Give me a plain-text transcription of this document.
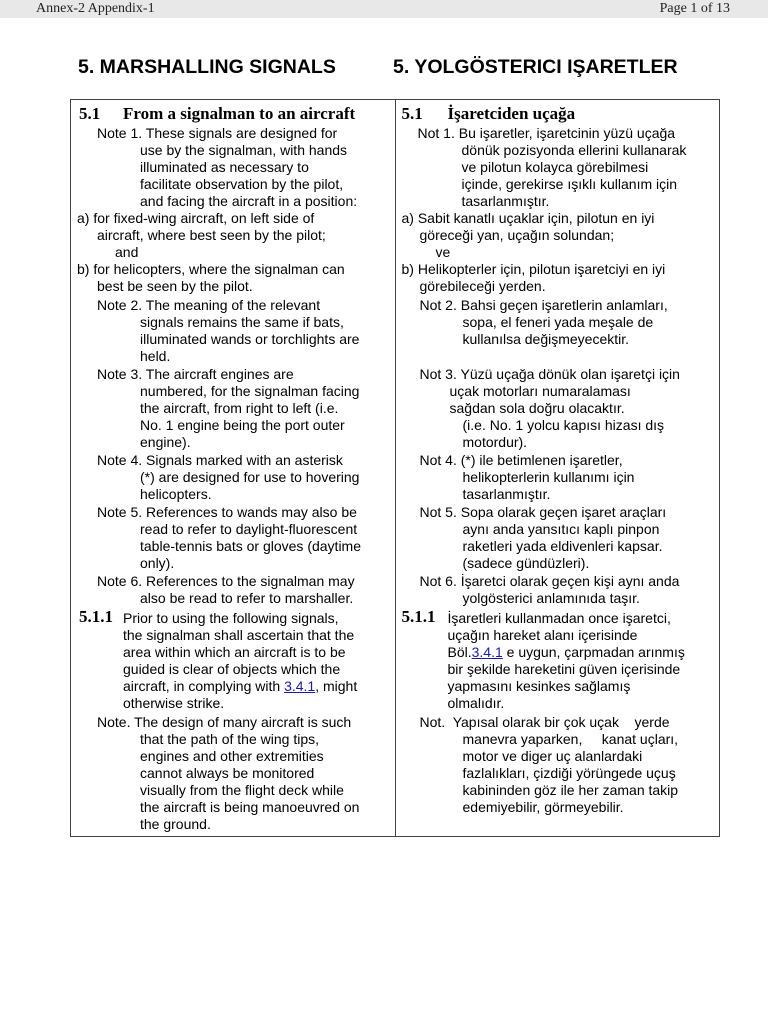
Annex-2 Appendix-1	Page 1 of 13
5. MARSHALLING SIGNALS	5. YOLGÖSTERICI IŞARETLER
5.1 From a signalman to an aircraft
Note 1. These signals are designed for
use by the signalman, with hands
illuminated as necessary to
facilitate observation by the pilot,
and facing the aircraft in a position:
a) for fixed-wing aircraft, on left side of
aircraft, where best seen by the pilot;
and
b) for helicopters, where the signalman can
best be seen by the pilot.
Note 2. The meaning of the relevant
signals remains the same if bats,
illuminated wands or torchlights are
held.
Note 3. The aircraft engines are
numbered, for the signalman facing
the aircraft, from right to left (i.e.
No. 1 engine being the port outer
engine).
Note 4. Signals marked with an asterisk
(*) are designed for use to hovering
helicopters.
Note 5. References to wands may also be
read to refer to daylight-fluorescent
table-tennis bats or gloves (daytime
only).
Note 6. References to the signalman may
also be read to refer to marshaller.
5.1.1 Prior to using the following signals,
the signalman shall ascertain that the
area within which an aircraft is to be
guided is clear of objects which the
aircraft, in complying with 3.4.1, might
otherwise strike.
Note. The design of many aircraft is such
that the path of the wing tips,
engines and other extremities
cannot always be monitored
visually from the flight deck while
the aircraft is being manoeuvred on
the ground.

5.1 İşaretciden uçağa
Not 1. Bu işaretler, işaretcinin yüzü uçağa
dönük pozisyonda ellerini kullanarak
ve pilotun kolayca görebilmesi
içinde, gerekirse ışıklı kullanım için
tasarlanmıştır.
a) Sabit kanatlı uçaklar için, pilotun en iyi
göreceği yan, uçağın solundan;
ve
b) Helikopterler için, pilotun işaretciyi en iyi
görebileceği yerden.
Not 2. Bahsi geçen işaretlerin anlamları,
sopa, el feneri yada meşale de
kullanılsa değişmeyecektir.
Not 3. Yüzü uçağa dönük olan işaretçi için
uçak motorları numaralaması
sağdan sola doğru olacaktır.
(i.e. No. 1 yolcu kapısı hizası dış
motordur).
Not 4. (*) ile betimlenen işaretler,
helikopterlerin kullanımı için
tasarlanmıştır.
Not 5. Sopa olarak geçen işaret araçları
aynı anda yansıtıcı kaplı pinpon
raketleri yada eldivenleri kapsar.
(sadece gündüzleri).
Not 6. İşaretci olarak geçen kişi aynı anda
yolgösterici anlamınıda taşır.
5.1.1 İşaretleri kullanmadan once işaretci,
uçağın hareket alanı içerisinde
Böl.3.4.1 e uygun, çarpmadan arınmış
bir şekilde hareketini güven içerisinde
yapmasını kesinkes sağlamış
olmalıdır.
Not.  Yapısal olarak bir çok uçak    yerde
manevra yaparken,     kanat uçları,
motor ve diger uç alanlardaki
fazlalıkları, çizdiği yörüngede uçuş
kabininden göz ile her zaman takip
edemiyebilir, görmeyebilir.
